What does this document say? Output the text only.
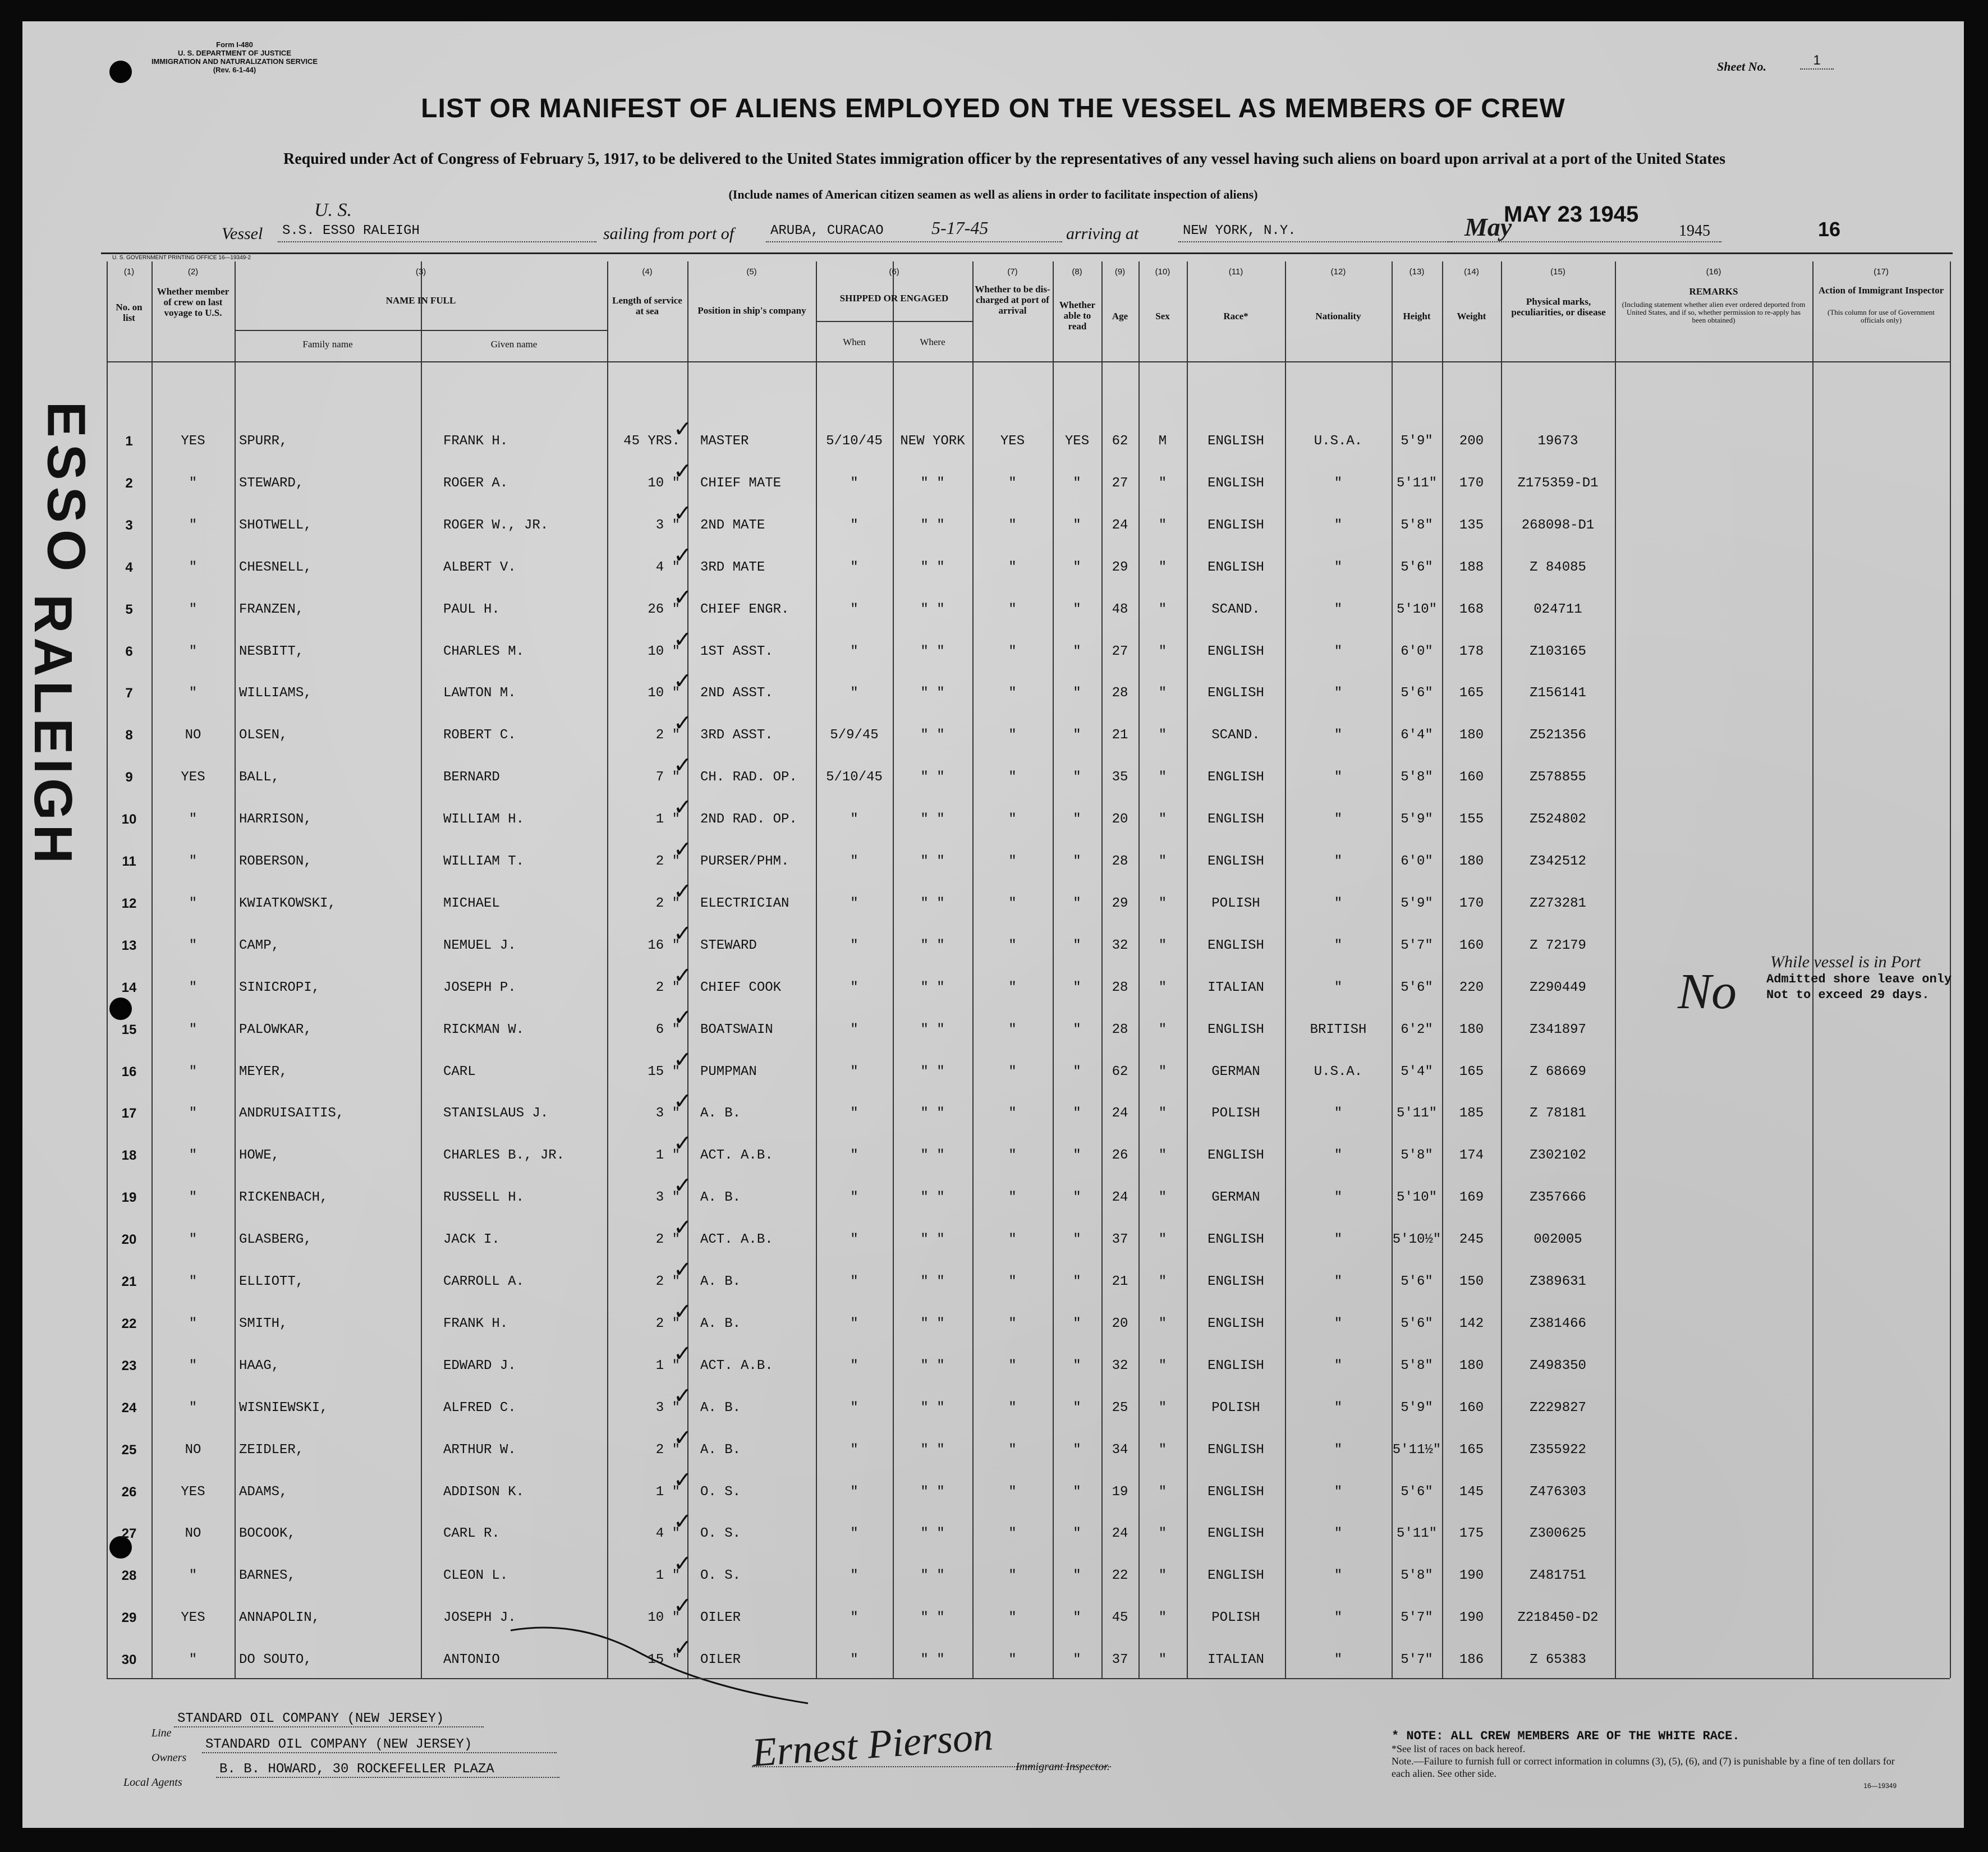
Form I-480
U. S. DEPARTMENT OF JUSTICE
IMMIGRATION AND NATURALIZATION SERVICE
(Rev. 6-1-44)	Sheet No.	1
LIST OR MANIFEST OF ALIENS EMPLOYED ON THE VESSEL AS MEMBERS OF CREW
Required under Act of Congress of February 5, 1917, to be delivered to the United States immigration officer by the representatives of any vessel having such aliens on board upon arrival at a port of the United States
(Include names of American citizen seamen as well as aliens in order to facilitate inspection of aliens)
Vessel
U. S.
S.S. ESSO RALEIGH	sailing from port of	ARUBA, CURACAO	5-17-45	arriving at	NEW YORK, N.Y.	May
MAY 23 1945
1945	16
U. S. GOVERNMENT PRINTING OFFICE 16—19349-2
ESSO
RALEIGH
(1)	(2)	(3)	(4)	(5)	(6)	(7)	(8)	(9)	(10)	(11)	(12)	(13)	(14)	(15)	(16)	(17)
No. on list
Whether member of crew on last voyage to U.S.
NAME IN FULL
Family name	Given name
Length of service at sea	Position in ship's company
SHIPPED OR ENGAGED
When	Where
Whether to be dis-charged at port of arrival
Whether able to read
Age	Sex	Race*	Nationality	Height	Weight
Physical marks, peculiarities, or disease
REMARKS
(Including statement whether alien ever ordered deported from United States, and if so, whether permission to re-apply has been obtained)
Action of Immigrant Inspector
(This column for use of Government officials only)
1	YES	SPURR,	FRANK H.	45 YRS. MASTER	5/10/45	NEW YORK	YES	YES	62	M	ENGLISH	U.S.A.	5'9"	200	19673
✓
2	"	STEWARD,	ROGER A.	10 " CHIEF MATE	"	" "	"	"	27	"	ENGLISH	"	5'11"	170	Z175359-D1
✓
3	"	SHOTWELL,	ROGER W., JR.	3 " 2ND MATE	"	" "	"	"	24	"	ENGLISH	"	5'8"	135	268098-D1
✓
4	"	CHESNELL,	ALBERT V.	4 " 3RD MATE	"	" "	"	"	29	"	ENGLISH	"	5'6"	188	Z 84085
✓
5	"	FRANZEN,	PAUL H.	26 " CHIEF ENGR.	"	" "	"	"	48	"	SCAND.	"	5'10"	168	024711
✓
6	"	NESBITT,	CHARLES M.	10 " 1ST ASST.	"	" "	"	"	27	"	ENGLISH	"	6'0"	178	Z103165
✓
7	"	WILLIAMS,	LAWTON M.	10 " 2ND ASST.	"	" "	"	"	28	"	ENGLISH	"	5'6"	165	Z156141
✓
8	NO	OLSEN,	ROBERT C.	2 " 3RD ASST.	5/9/45	" "	"	"	21	"	SCAND.	"	6'4"	180	Z521356
✓
9	YES	BALL,	BERNARD	7 " CH. RAD. OP.	5/10/45	" "	"	"	35	"	ENGLISH	"	5'8"	160	Z578855
✓
10	"	HARRISON,	WILLIAM H.	1 " 2ND RAD. OP.	"	" "	"	"	20	"	ENGLISH	"	5'9"	155	Z524802
✓
11	"	ROBERSON,	WILLIAM T.	2 " PURSER/PHM.	"	" "	"	"	28	"	ENGLISH	"	6'0"	180	Z342512
✓
12	"	KWIATKOWSKI,	MICHAEL	2 " ELECTRICIAN	"	" "	"	"	29	"	POLISH	"	5'9"	170	Z273281
✓
13	"	CAMP,	NEMUEL J.	16 " STEWARD	"	" "	"	"	32	"	ENGLISH	"	5'7"	160	Z 72179
✓
14	"	SINICROPI,	JOSEPH P.	2 " CHIEF COOK	"	" "	"	"	28	"	ITALIAN	"	5'6"	220	Z290449
✓
15	"	PALOWKAR,	RICKMAN W.	6 " BOATSWAIN	"	" "	"	"	28	"	ENGLISH	BRITISH	6'2"	180	Z341897
✓
16	"	MEYER,	CARL	15 " PUMPMAN	"	" "	"	"	62	"	GERMAN	U.S.A.	5'4"	165	Z 68669
✓
17	"	ANDRUISAITIS,	STANISLAUS J.	3 " A. B.	"	" "	"	"	24	"	POLISH	"	5'11"	185	Z 78181
✓
18	"	HOWE,	CHARLES B., JR.	1 " ACT. A.B.	"	" "	"	"	26	"	ENGLISH	"	5'8"	174	Z302102
✓
19	"	RICKENBACH,	RUSSELL H.	3 " A. B.	"	" "	"	"	24	"	GERMAN	"	5'10"	169	Z357666
✓
20	"	GLASBERG,	JACK I.	2 " ACT. A.B.	"	" "	"	"	37	"	ENGLISH	"	5'10½"	245	002005
✓
21	"	ELLIOTT,	CARROLL A.	2 " A. B.	"	" "	"	"	21	"	ENGLISH	"	5'6"	150	Z389631
✓
22	"	SMITH,	FRANK H.	2 " A. B.	"	" "	"	"	20	"	ENGLISH	"	5'6"	142	Z381466
✓
23	"	HAAG,	EDWARD J.	1 " ACT. A.B.	"	" "	"	"	32	"	ENGLISH	"	5'8"	180	Z498350
✓
24	"	WISNIEWSKI,	ALFRED C.	3 " A. B.	"	" "	"	"	25	"	POLISH	"	5'9"	160	Z229827
✓
25	NO	ZEIDLER,	ARTHUR W.	2 " A. B.	"	" "	"	"	34	"	ENGLISH	"	5'11½"	165	Z355922
✓
26	YES	ADAMS,	ADDISON K.	1 " O. S.	"	" "	"	"	19	"	ENGLISH	"	5'6"	145	Z476303
✓
27	NO	BOCOOK,	CARL R.	4 " O. S.	"	" "	"	"	24	"	ENGLISH	"	5'11"	175	Z300625
✓
28	"	BARNES,	CLEON L.	1 " O. S.	"	" "	"	"	22	"	ENGLISH	"	5'8"	190	Z481751
✓
29	YES	ANNAPOLIN,	JOSEPH J.	10 " OILER	"	" "	"	"	45	"	POLISH	"	5'7"	190	Z218450-D2
✓
30	"	DO SOUTO,	ANTONIO	15 " OILER	"	" "	"	"	37	"	ITALIAN	"	5'7"	186	Z 65383
✓
No
While vessel is in Port
Admitted shore leave only
Not to exceed 29 days.
Line
STANDARD OIL COMPANY (NEW JERSEY)
Owners
STANDARD OIL COMPANY (NEW JERSEY)
Local Agents
B. B. HOWARD, 30 ROCKEFELLER PLAZA	Ernest Pierson Immigrant Inspector.
* NOTE: ALL CREW MEMBERS ARE OF THE WHITE RACE.
*See list of races on back hereof.
Note.—Failure to furnish full or correct information in columns (3), (5), (6), and (7) is punishable by a fine of ten dollars for each alien. See other side.
16—19349
